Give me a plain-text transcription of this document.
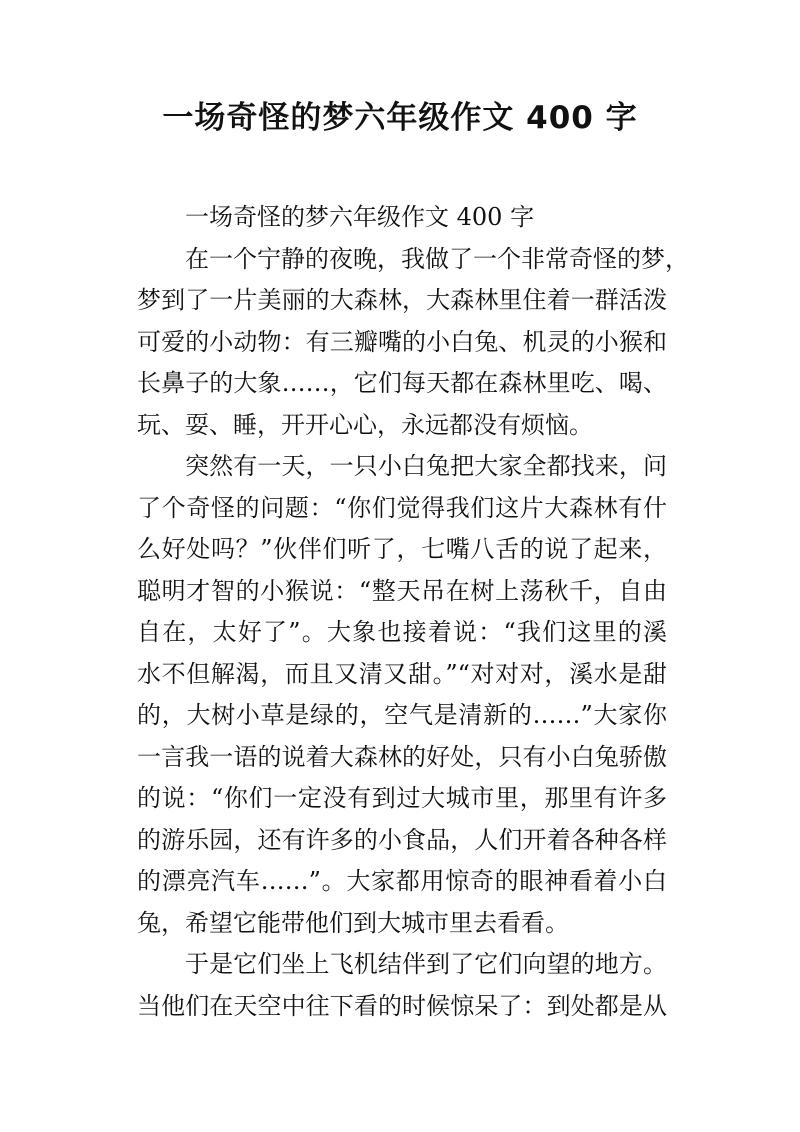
一场奇怪的梦六年级作文 400 字
一场奇怪的梦六年级作文 400 字
在一个宁静的夜晚，我做了一个非常奇怪的梦，
梦到了一片美丽的大森林，大森林里住着一群活泼
可爱的小动物：有三瓣嘴的小白兔、机灵的小猴和
长鼻子的大象……，它们每天都在森林里吃、喝、
玩、耍、睡，开开心心，永远都没有烦恼。
突然有一天，一只小白兔把大家全都找来，问
了个奇怪的问题：“你们觉得我们这片大森林有什
么好处吗？”伙伴们听了，七嘴八舌的说了起来，
聪明才智的小猴说：“整天吊在树上荡秋千，自由
自在，太好了”。大象也接着说：“我们这里的溪
水不但解渴，而且又清又甜。”“对对对，溪水是甜
的，大树小草是绿的，空气是清新的……”大家你
一言我一语的说着大森林的好处，只有小白兔骄傲
的说：“你们一定没有到过大城市里，那里有许多
的游乐园，还有许多的小食品，人们开着各种各样
的漂亮汽车……”。大家都用惊奇的眼神看着小白
兔，希望它能带他们到大城市里去看看。
于是它们坐上飞机结伴到了它们向望的地方。
当他们在天空中往下看的时候惊呆了：到处都是从
